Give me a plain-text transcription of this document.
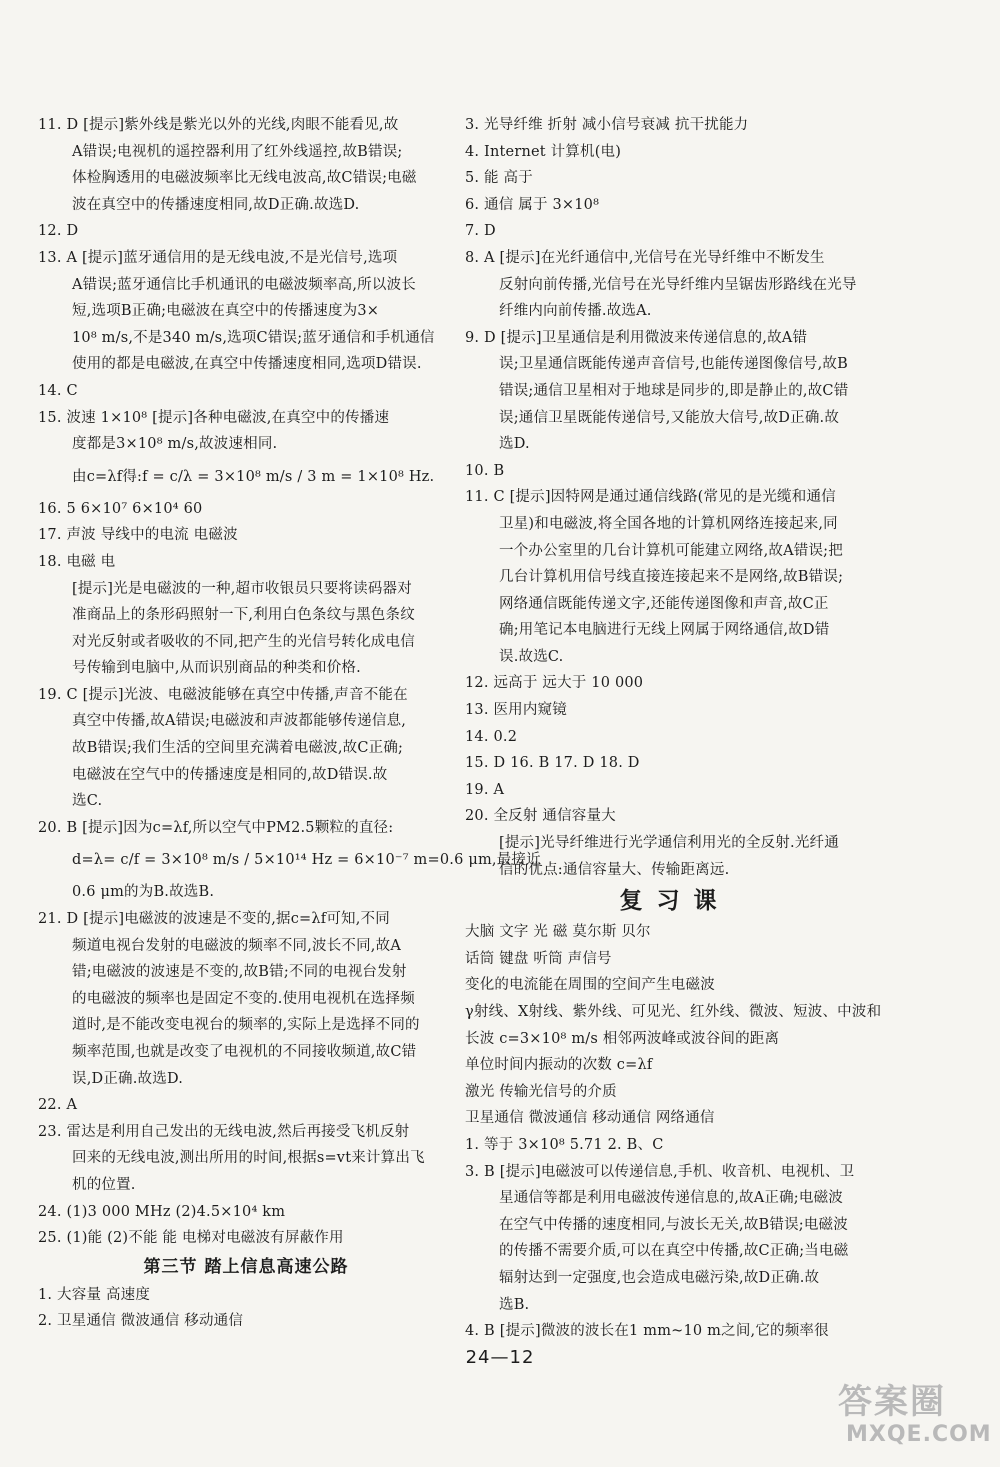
11. D [提示]紫外线是紫光以外的光线,肉眼不能看见,故
A错误;电视机的遥控器利用了红外线遥控,故B错误;
体检胸透用的电磁波频率比无线电波高,故C错误;电磁
波在真空中的传播速度相同,故D正确.故选D.
12. D
13. A [提示]蓝牙通信用的是无线电波,不是光信号,选项
A错误;蓝牙通信比手机通讯的电磁波频率高,所以波长
短,选项B正确;电磁波在真空中的传播速度为3×
10⁸ m/s,不是340 m/s,选项C错误;蓝牙通信和手机通信
使用的都是电磁波,在真空中传播速度相同,选项D错误.
14. C
15. 波速 1×10⁸ [提示]各种电磁波,在真空中的传播速
度都是3×10⁸ m/s,故波速相同.
由c=λf得:f = c/λ = 3×10⁸ m/s / 3 m = 1×10⁸ Hz.
16. 5 6×10⁷ 6×10⁴ 60
17. 声波 导线中的电流 电磁波
18. 电磁 电
[提示]光是电磁波的一种,超市收银员只要将读码器对
准商品上的条形码照射一下,利用白色条纹与黑色条纹
对光反射或者吸收的不同,把产生的光信号转化成电信
号传输到电脑中,从而识别商品的种类和价格.
19. C [提示]光波、电磁波能够在真空中传播,声音不能在
真空中传播,故A错误;电磁波和声波都能够传递信息,
故B错误;我们生活的空间里充满着电磁波,故C正确;
电磁波在空气中的传播速度是相同的,故D错误.故
选C.
20. B [提示]因为c=λf,所以空气中PM2.5颗粒的直径:
d=λ= c/f = 3×10⁸ m/s / 5×10¹⁴ Hz = 6×10⁻⁷ m=0.6 μm,最接近
0.6 μm的为B.故选B.
21. D [提示]电磁波的波速是不变的,据c=λf可知,不同
频道电视台发射的电磁波的频率不同,波长不同,故A
错;电磁波的波速是不变的,故B错;不同的电视台发射
的电磁波的频率也是固定不变的.使用电视机在选择频
道时,是不能改变电视台的频率的,实际上是选择不同的
频率范围,也就是改变了电视机的不同接收频道,故C错
误,D正确.故选D.
22. A
23. 雷达是利用自己发出的无线电波,然后再接受飞机反射
回来的无线电波,测出所用的时间,根据s=vt来计算出飞
机的位置.
24. (1)3 000 MHz (2)4.5×10⁴ km
25. (1)能 (2)不能 能 电梯对电磁波有屏蔽作用
第三节 踏上信息高速公路
1. 大容量 高速度
2. 卫星通信 微波通信 移动通信
3. 光导纤维 折射 减小信号衰减 抗干扰能力
4. Internet 计算机(电)
5. 能 高于
6. 通信 属于 3×10⁸
7. D
8. A [提示]在光纤通信中,光信号在光导纤维中不断发生
反射向前传播,光信号在光导纤维内呈锯齿形路线在光导
纤维内向前传播.故选A.
9. D [提示]卫星通信是利用微波来传递信息的,故A错
误;卫星通信既能传递声音信号,也能传递图像信号,故B
错误;通信卫星相对于地球是同步的,即是静止的,故C错
误;通信卫星既能传递信号,又能放大信号,故D正确.故
选D.
10. B
11. C [提示]因特网是通过通信线路(常见的是光缆和通信
卫星)和电磁波,将全国各地的计算机网络连接起来,同
一个办公室里的几台计算机可能建立网络,故A错误;把
几台计算机用信号线直接连接起来不是网络,故B错误;
网络通信既能传递文字,还能传递图像和声音,故C正
确;用笔记本电脑进行无线上网属于网络通信,故D错
误.故选C.
12. 远高于 远大于 10 000
13. 医用内窥镜
14. 0.2
15. D 16. B 17. D 18. D
19. A
20. 全反射 通信容量大
[提示]光导纤维进行光学通信利用光的全反射.光纤通
信的优点:通信容量大、传输距离远.
复习课
大脑 文字 光 磁 莫尔斯 贝尔
话筒 键盘 听筒 声信号
变化的电流能在周围的空间产生电磁波
γ射线、X射线、紫外线、可见光、红外线、微波、短波、中波和
长波 c=3×10⁸ m/s 相邻两波峰或波谷间的距离
单位时间内振动的次数 c=λf
激光 传输光信号的介质
卫星通信 微波通信 移动通信 网络通信
1. 等于 3×10⁸ 5.71 2. B、C
3. B [提示]电磁波可以传递信息,手机、收音机、电视机、卫
星通信等都是利用电磁波传递信息的,故A正确;电磁波
在空气中传播的速度相同,与波长无关,故B错误;电磁波
的传播不需要介质,可以在真空中传播,故C正确;当电磁
辐射达到一定强度,也会造成电磁污染,故D正确.故
选B.
4. B [提示]微波的波长在1 mm~10 m之间,它的频率很
24—12
答案圈
MXQE.COM
